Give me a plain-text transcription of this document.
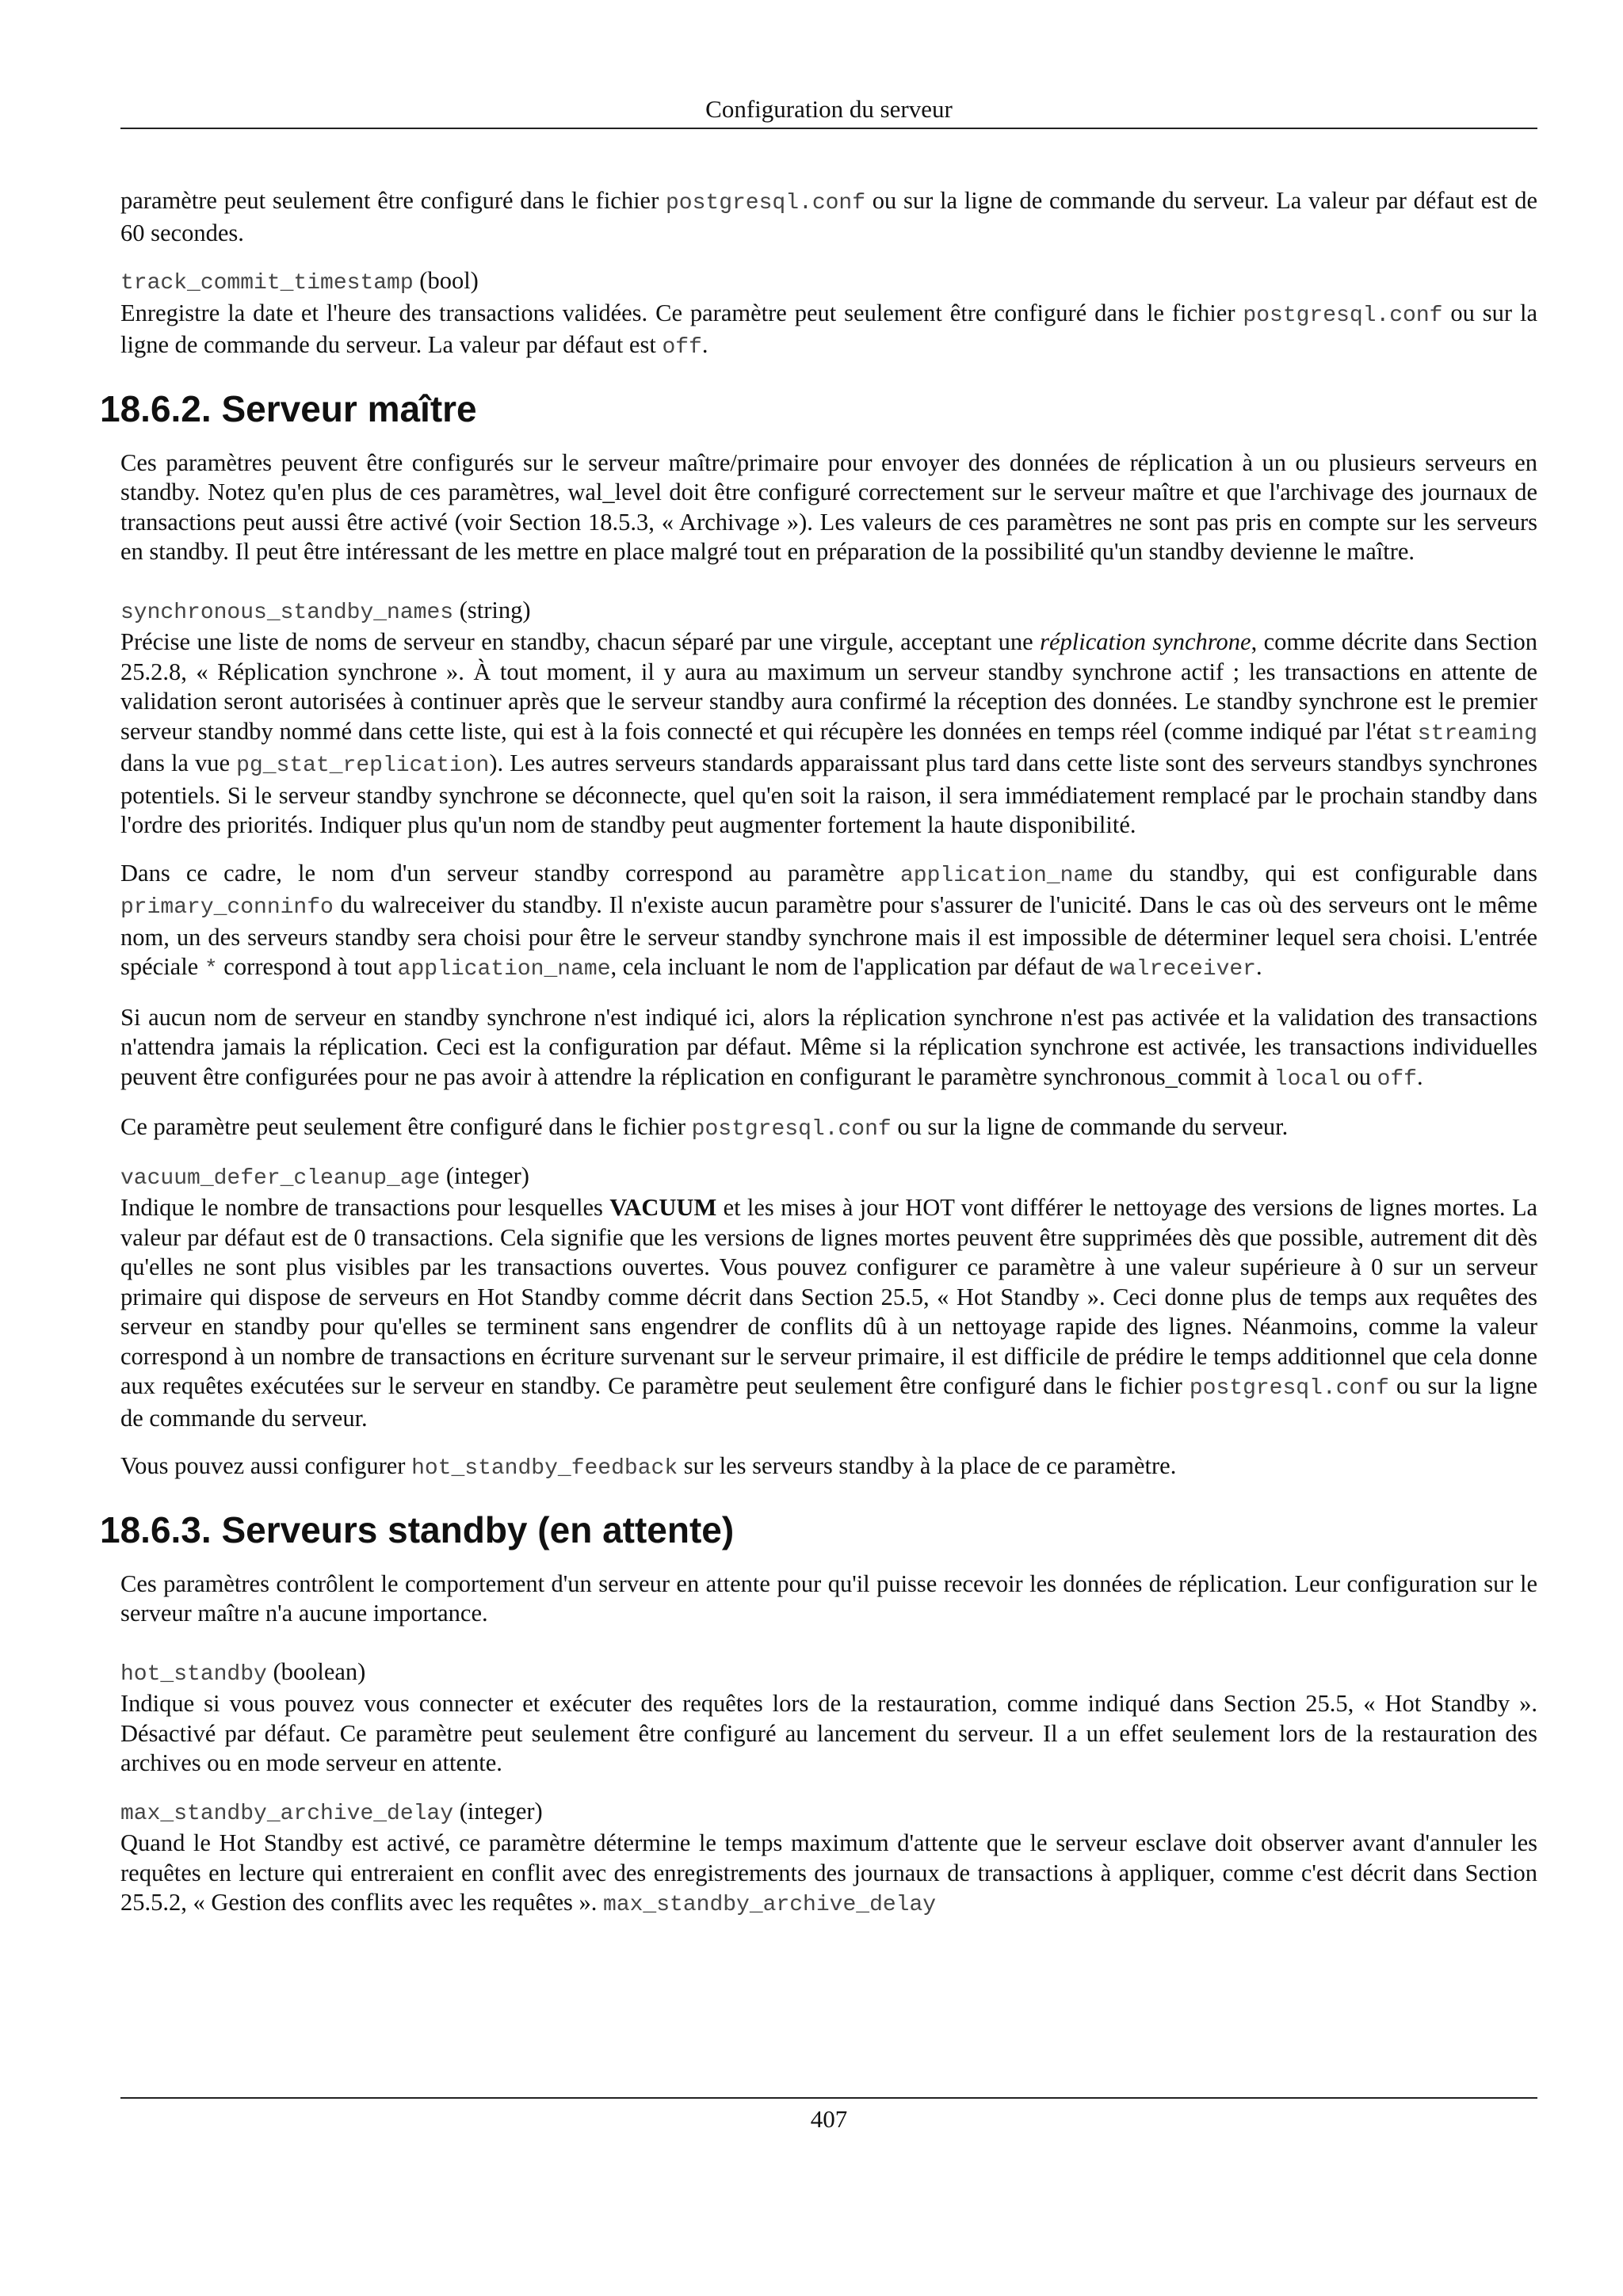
Configuration du serveur

paramètre peut seulement être configuré dans le fichier postgresql.conf ou sur la ligne de commande du serveur. La valeur par défaut est de 60 secondes.

track_commit_timestamp (bool)

Enregistre la date et l'heure des transactions validées. Ce paramètre peut seulement être configuré dans le fichier postgresql.conf ou sur la ligne de commande du serveur. La valeur par défaut est off.

18.6.2. Serveur maître

Ces paramètres peuvent être configurés sur le serveur maître/primaire pour envoyer des données de réplication à un ou plusieurs serveurs en standby. Notez qu'en plus de ces paramètres, wal_level doit être configuré correctement sur le serveur maître et que l'archivage des journaux de transactions peut aussi être activé (voir Section 18.5.3, « Archivage »). Les valeurs de ces paramètres ne sont pas pris en compte sur les serveurs en standby. Il peut être intéressant de les mettre en place malgré tout en préparation de la possibilité qu'un standby devienne le maître.

synchronous_standby_names (string)

Précise une liste de noms de serveur en standby, chacun séparé par une virgule, acceptant une réplication synchrone, comme décrite dans Section 25.2.8, « Réplication synchrone ». À tout moment, il y aura au maximum un serveur standby synchrone actif ; les transactions en attente de validation seront autorisées à continuer après que le serveur standby aura confirmé la réception des données. Le standby synchrone est le premier serveur standby nommé dans cette liste, qui est à la fois connecté et qui récupère les données en temps réel (comme indiqué par l'état streaming dans la vue pg_stat_replication). Les autres serveurs standards apparaissant plus tard dans cette liste sont des serveurs standbys synchrones potentiels. Si le serveur standby synchrone se déconnecte, quel qu'en soit la raison, il sera immédiatement remplacé par le prochain standby dans l'ordre des priorités. Indiquer plus qu'un nom de standby peut augmenter fortement la haute disponibilité.

Dans ce cadre, le nom d'un serveur standby correspond au paramètre application_name du standby, qui est configurable dans primary_conninfo du walreceiver du standby. Il n'existe aucun paramètre pour s'assurer de l'unicité. Dans le cas où des serveurs ont le même nom, un des serveurs standby sera choisi pour être le serveur standby synchrone mais il est impossible de déterminer lequel sera choisi. L'entrée spéciale * correspond à tout application_name, cela incluant le nom de l'application par défaut de walreceiver.

Si aucun nom de serveur en standby synchrone n'est indiqué ici, alors la réplication synchrone n'est pas activée et la validation des transactions n'attendra jamais la réplication. Ceci est la configuration par défaut. Même si la réplication synchrone est activée, les transactions individuelles peuvent être configurées pour ne pas avoir à attendre la réplication en configurant le paramètre synchronous_commit à local ou off.

Ce paramètre peut seulement être configuré dans le fichier postgresql.conf ou sur la ligne de commande du serveur.

vacuum_defer_cleanup_age (integer)

Indique le nombre de transactions pour lesquelles VACUUM et les mises à jour HOT vont différer le nettoyage des versions de lignes mortes. La valeur par défaut est de 0 transactions. Cela signifie que les versions de lignes mortes peuvent être supprimées dès que possible, autrement dit dès qu'elles ne sont plus visibles par les transactions ouvertes. Vous pouvez configurer ce paramètre à une valeur supérieure à 0 sur un serveur primaire qui dispose de serveurs en Hot Standby comme décrit dans Section 25.5, « Hot Standby ». Ceci donne plus de temps aux requêtes des serveur en standby pour qu'elles se terminent sans engendrer de conflits dû à un nettoyage rapide des lignes. Néanmoins, comme la valeur correspond à un nombre de transactions en écriture survenant sur le serveur primaire, il est difficile de prédire le temps additionnel que cela donne aux requêtes exécutées sur le serveur en standby. Ce paramètre peut seulement être configuré dans le fichier postgresql.conf ou sur la ligne de commande du serveur.

Vous pouvez aussi configurer hot_standby_feedback sur les serveurs standby à la place de ce paramètre.

18.6.3. Serveurs standby (en attente)

Ces paramètres contrôlent le comportement d'un serveur en attente pour qu'il puisse recevoir les données de réplication. Leur configuration sur le serveur maître n'a aucune importance.

hot_standby (boolean)

Indique si vous pouvez vous connecter et exécuter des requêtes lors de la restauration, comme indiqué dans Section 25.5, « Hot Standby ». Désactivé par défaut. Ce paramètre peut seulement être configuré au lancement du serveur. Il a un effet seulement lors de la restauration des archives ou en mode serveur en attente.

max_standby_archive_delay (integer)

Quand le Hot Standby est activé, ce paramètre détermine le temps maximum d'attente que le serveur esclave doit observer avant d'annuler les requêtes en lecture qui entreraient en conflit avec des enregistrements des journaux de transactions à appliquer, comme c'est décrit dans Section 25.5.2, « Gestion des conflits avec les requêtes ». max_standby_archive_delay

407
